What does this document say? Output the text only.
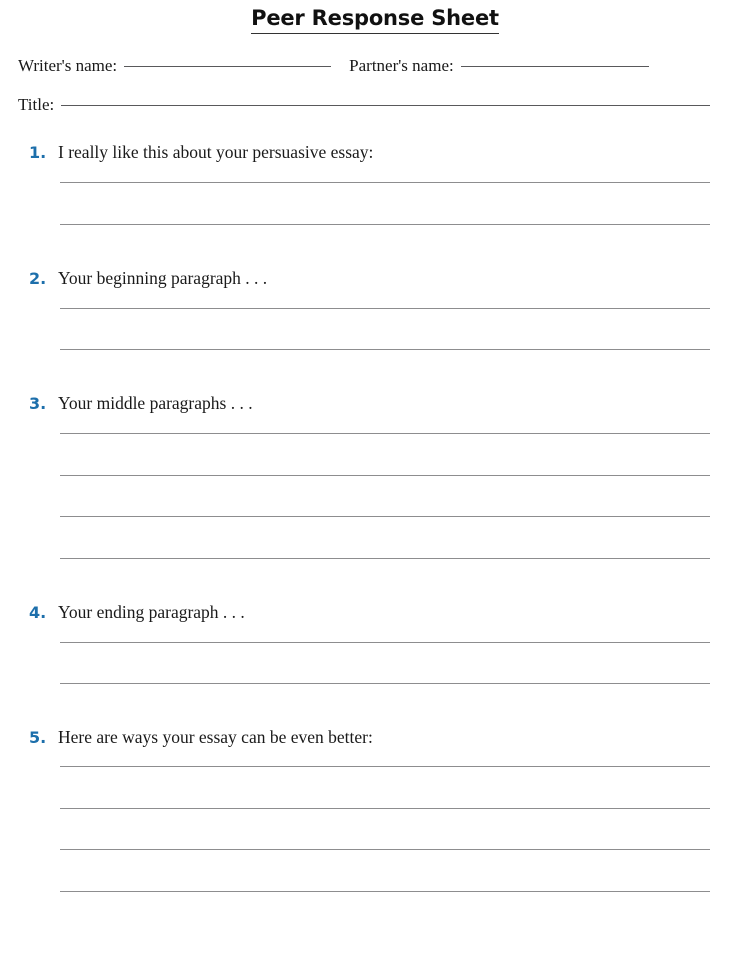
Peer Response Sheet
Writer's name:	Partner's name:
Title:
1. I really like this about your persuasive essay:
2. Your beginning paragraph . . .
3. Your middle paragraphs . . .
4. Your ending paragraph . . .
5. Here are ways your essay can be even better:
